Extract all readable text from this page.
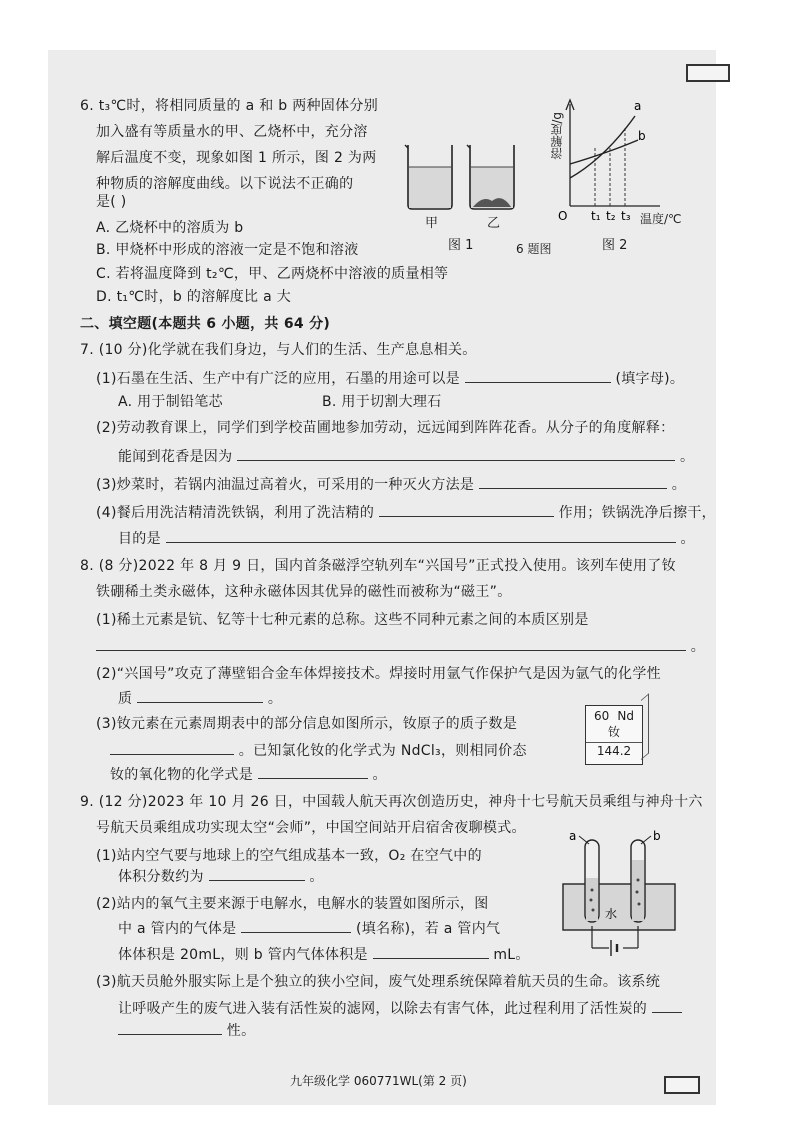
6. t₃℃时，将相同质量的 a 和 b 两种固体分别
加入盛有等质量水的甲、乙烧杯中，充分溶
解后温度不变，现象如图 1 所示，图 2 为两
种物质的溶解度曲线。以下说法不正确的
是( )
A. 乙烧杯中的溶质为 b
B. 甲烧杯中形成的溶液一定是不饱和溶液
C. 若将温度降到 t₂℃，甲、乙两烧杯中溶液的质量相等
D. t₁℃时，b 的溶解度比 a 大
甲	乙
图 1	6 题图
a
b
O t₁ t₂ t₃
溶解度/g
温度/℃
图 2
二、填空题(本题共 6 小题，共 64 分)
7. (10 分)化学就在我们身边，与人们的生活、生产息息相关。
(1)石墨在生活、生产中有广泛的应用，石墨的用途可以是	(填字母)。
A. 用于制铅笔芯	B. 用于切割大理石
(2)劳动教育课上，同学们到学校苗圃地参加劳动，远远闻到阵阵花香。从分子的角度解释：
能闻到花香是因为	。
(3)炒菜时，若锅内油温过高着火，可采用的一种灭火方法是	。
(4)餐后用洗洁精清洗铁锅，利用了洗洁精的	作用；铁锅洗净后擦干，
目的是	。
8. (8 分)2022 年 8 月 9 日，国内首条磁浮空轨列车“兴国号”正式投入使用。该列车使用了钕
铁硼稀土类永磁体，这种永磁体因其优异的磁性而被称为“磁王”。
(1)稀土元素是钪、钇等十七种元素的总称。这些不同种元素之间的本质区别是
。
(2)“兴国号”攻克了薄壁铝合金车体焊接技术。焊接时用氩气作保护气是因为氩气的化学性
质	。
(3)钕元素在元素周期表中的部分信息如图所示，钕原子的质子数是
。已知氯化钕的化学式为 NdCl₃，则相同价态
钕的氧化物的化学式是	。
60 Nd
钕
144.2
9. (12 分)2023 年 10 月 26 日，中国载人航天再次创造历史，神舟十七号航天员乘组与神舟十六
号航天员乘组成功实现太空“会师”，中国空间站开启宿舍夜聊模式。
(1)站内空气要与地球上的空气组成基本一致，O₂ 在空气中的
体积分数约为	。
(2)站内的氧气主要来源于电解水，电解水的装置如图所示，图
中 a 管内的气体是	(填名称)，若 a 管内气
体体积是 20mL，则 b 管内气体体积是	mL。
(3)航天员舱外服实际上是个独立的狭小空间，废气处理系统保障着航天员的生命。该系统
让呼吸产生的废气进入装有活性炭的滤网，以除去有害气体，此过程利用了活性炭的
性。
a	b
水
九年级化学 060771WL(第 2 页)
